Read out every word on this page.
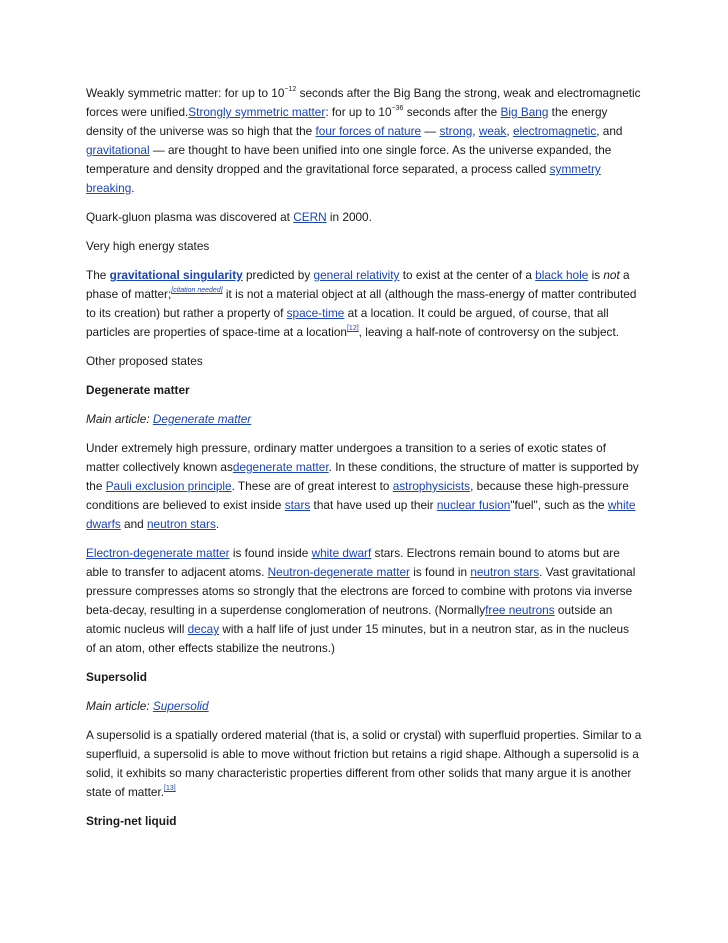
Weakly symmetric matter: for up to $10^{-12}$ seconds after the Big Bang the strong, weak and electromagnetic forces were unified.Strongly symmetric matter: for up to $10^{-36}$ seconds after the Big Bang the energy density of the universe was so high that the four forces of nature — strong, weak, electromagnetic, and gravitational — are thought to have been unified into one single force. As the universe expanded, the temperature and density dropped and the gravitational force separated, a process called symmetry breaking.

Quark-gluon plasma was discovered at CERN in 2000.

Very high energy states

The gravitational singularity predicted by general relativity to exist at the center of a black hole is not a phase of matter;[citation needed] it is not a material object at all (although the mass-energy of matter contributed to its creation) but rather a property of space-time at a location. It could be argued, of course, that all particles are properties of space-time at a location[12], leaving a half-note of controversy on the subject.

Other proposed states

Degenerate matter

Main article: Degenerate matter

Under extremely high pressure, ordinary matter undergoes a transition to a series of exotic states of matter collectively known asdegenerate matter. In these conditions, the structure of matter is supported by the Pauli exclusion principle. These are of great interest to astrophysicists, because these high-pressure conditions are believed to exist inside stars that have used up their nuclear fusion"fuel", such as the white dwarfs and neutron stars.

Electron-degenerate matter is found inside white dwarf stars. Electrons remain bound to atoms but are able to transfer to adjacent atoms. Neutron-degenerate matter is found in neutron stars. Vast gravitational pressure compresses atoms so strongly that the electrons are forced to combine with protons via inverse beta-decay, resulting in a superdense conglomeration of neutrons. (Normallyfree neutrons outside an atomic nucleus will decay with a half life of just under 15 minutes, but in a neutron star, as in the nucleus of an atom, other effects stabilize the neutrons.)

Supersolid

Main article: Supersolid

A supersolid is a spatially ordered material (that is, a solid or crystal) with superfluid properties. Similar to a superfluid, a supersolid is able to move without friction but retains a rigid shape. Although a supersolid is a solid, it exhibits so many characteristic properties different from other solids that many argue it is another state of matter.[13]

String-net liquid
